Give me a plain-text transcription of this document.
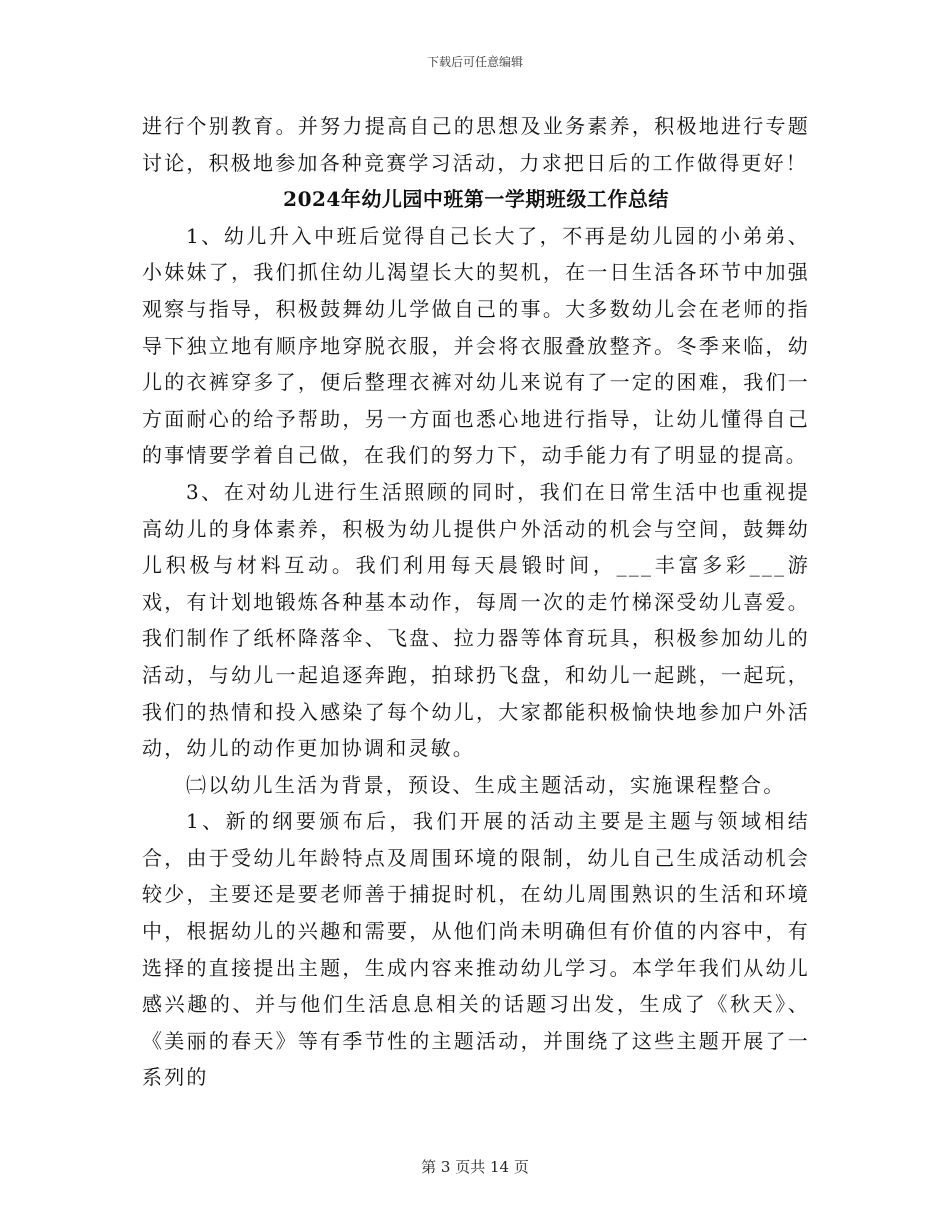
下载后可任意编辑

进行个别教育。并努力提高自己的思想及业务素养，积极地进行专题讨论，积极地参加各种竞赛学习活动，力求把日后的工作做得更好！

2024年幼儿园中班第一学期班级工作总结

1、幼儿升入中班后觉得自己长大了，不再是幼儿园的小弟弟、小妹妹了，我们抓住幼儿渴望长大的契机，在一日生活各环节中加强观察与指导，积极鼓舞幼儿学做自己的事。大多数幼儿会在老师的指导下独立地有顺序地穿脱衣服，并会将衣服叠放整齐。冬季来临，幼儿的衣裤穿多了，便后整理衣裤对幼儿来说有了一定的困难，我们一方面耐心的给予帮助，另一方面也悉心地进行指导，让幼儿懂得自己的事情要学着自己做，在我们的努力下，动手能力有了明显的提高。

3、在对幼儿进行生活照顾的同时，我们在日常生活中也重视提高幼儿的身体素养，积极为幼儿提供户外活动的机会与空间，鼓舞幼儿积极与材料互动。我们利用每天晨锻时间，___丰富多彩___游戏，有计划地锻炼各种基本动作，每周一次的走竹梯深受幼儿喜爱。我们制作了纸杯降落伞、飞盘、拉力器等体育玩具，积极参加幼儿的活动，与幼儿一起追逐奔跑，拍球扔飞盘，和幼儿一起跳，一起玩，我们的热情和投入感染了每个幼儿，大家都能积极愉快地参加户外活动，幼儿的动作更加协调和灵敏。

㈡以幼儿生活为背景，预设、生成主题活动，实施课程整合。

1、新的纲要颁布后，我们开展的活动主要是主题与领域相结合，由于受幼儿年龄特点及周围环境的限制，幼儿自己生成活动机会较少，主要还是要老师善于捕捉时机，在幼儿周围熟识的生活和环境中，根据幼儿的兴趣和需要，从他们尚未明确但有价值的内容中，有选择的直接提出主题，生成内容来推动幼儿学习。本学年我们从幼儿感兴趣的、并与他们生活息息相关的话题习出发，生成了《秋天》、《美丽的春天》等有季节性的主题活动，并围绕了这些主题开展了一系列的

第 3 页共 14 页
